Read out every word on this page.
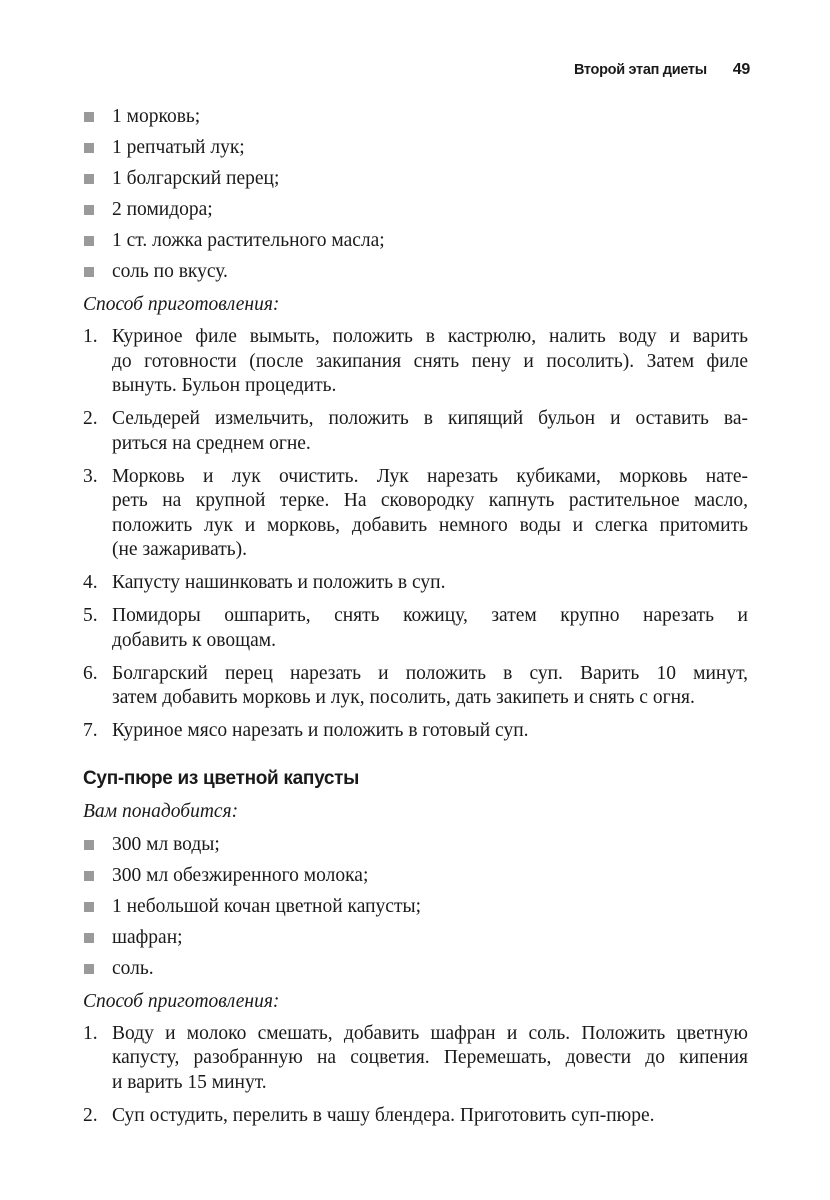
Второй этап диеты 49
1 морковь;
1 репчатый лук;
1 болгарский перец;
2 помидора;
1 ст. ложка растительного масла;
соль по вкусу.
Способ приготовления:
1. Куриное филе вымыть, положить в кастрюлю, налить воду и варить
до готовности (после закипания снять пену и посолить). Затем филе
вынуть. Бульон процедить.
2. Сельдерей измельчить, положить в кипящий бульон и оставить ва-
риться на среднем огне.
3. Морковь и лук очистить. Лук нарезать кубиками, морковь нате-
реть на крупной терке. На сковородку капнуть растительное масло,
положить лук и морковь, добавить немного воды и слегка притомить
(не зажаривать).
4. Капусту нашинковать и положить в суп.
5. Помидоры ошпарить, снять кожицу, затем крупно нарезать и
добавить к овощам.
6. Болгарский перец нарезать и положить в суп. Варить 10 минут,
затем добавить морковь и лук, посолить, дать закипеть и снять с огня.
7. Куриное мясо нарезать и положить в готовый суп.
Суп-пюре из цветной капусты
Вам понадобится:
300 мл воды;
300 мл обезжиренного молока;
1 небольшой кочан цветной капусты;
шафран;
соль.
Способ приготовления:
1. Воду и молоко смешать, добавить шафран и соль. Положить цветную
капусту, разобранную на соцветия. Перемешать, довести до кипения
и варить 15 минут.
2. Суп остудить, перелить в чашу блендера. Приготовить суп-пюре.
